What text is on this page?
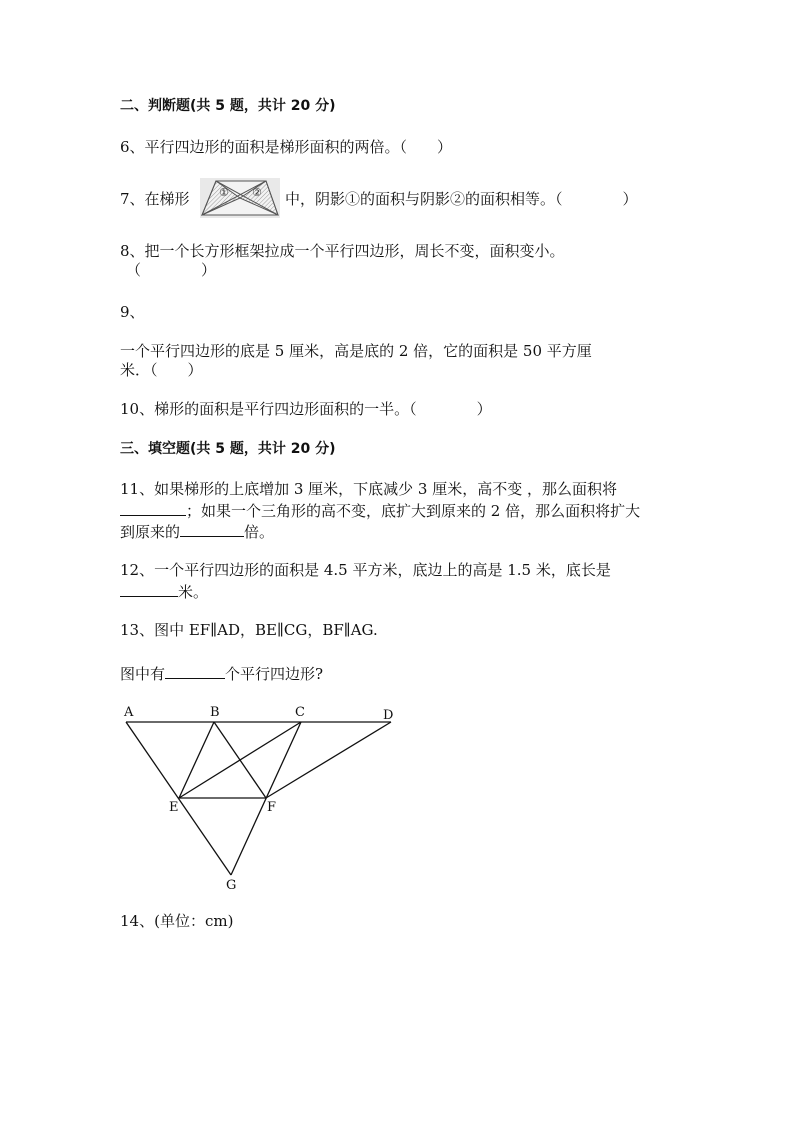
二、判断题(共 5 题，共计 20 分)
6、平行四边形的面积是梯形面积的两倍。（　　）
7、在梯形	① ② 中，阴影①的面积与阴影②的面积相等。（　　　　）
8、把一个长方形框架拉成一个平行四边形，周长不变，面积变小。
（　　　　）
9、
一个平行四边形的底是 5 厘米，高是底的 2 倍，它的面积是 50 平方厘
米．（　　）
10、梯形的面积是平行四边形面积的一半。（　　　　）
三、填空题(共 5 题，共计 20 分)
11、如果梯形的上底增加 3 厘米，下底减少 3 厘米，高不变 ，那么面积将
；如果一个三角形的高不变，底扩大到原来的 2 倍，那么面积将扩大
到原来的	倍。
12、一个平行四边形的面积是 4.5 平方米，底边上的高是 1.5 米，底长是
米。
13、图中 EF∥AD，BE∥CG，BF∥AG.
图中有	个平行四边形?
A	B	C	D
E	F
G
14、(单位：cm)
